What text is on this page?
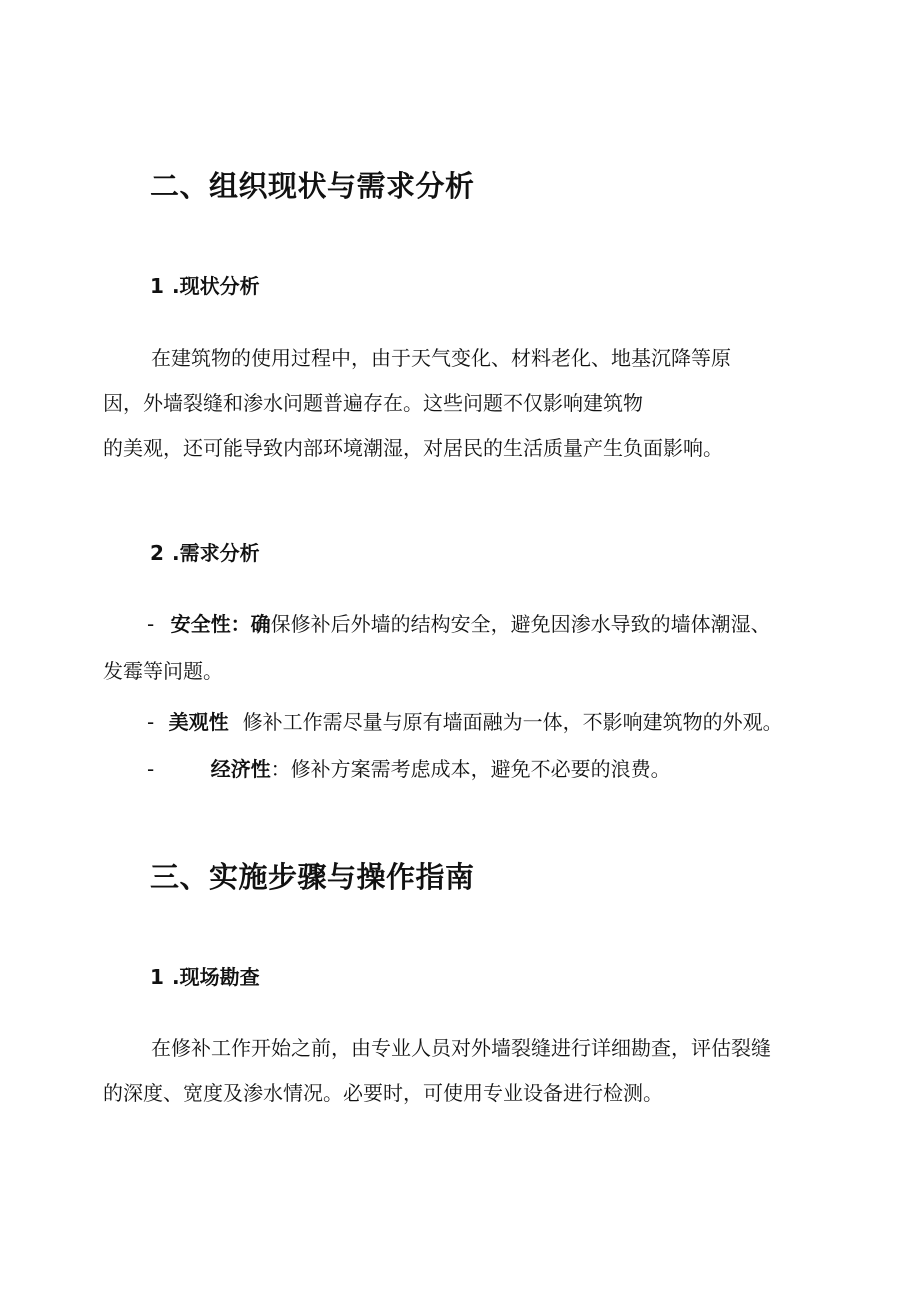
二、组织现状与需求分析
1 .现状分析
在建筑物的使用过程中，由于天气变化、材料老化、地基沉降等原
因，外墙裂缝和渗水问题普遍存在。这些问题不仅影响建筑物
的美观，还可能导致内部环境潮湿，对居民的生活质量产生负面影响。
2 .需求分析
- 安全性：确保修补后外墙的结构安全，避免因渗水导致的墙体潮湿、
发霉等问题。
- 美观性 修补工作需尽量与原有墙面融为一体，不影响建筑物的外观。
-	经济性：修补方案需考虑成本，避免不必要的浪费。
三、实施步骤与操作指南
1 .现场勘查
在修补工作开始之前，由专业人员对外墙裂缝进行详细勘查，评估裂缝
的深度、宽度及渗水情况。必要时，可使用专业设备进行检测。
